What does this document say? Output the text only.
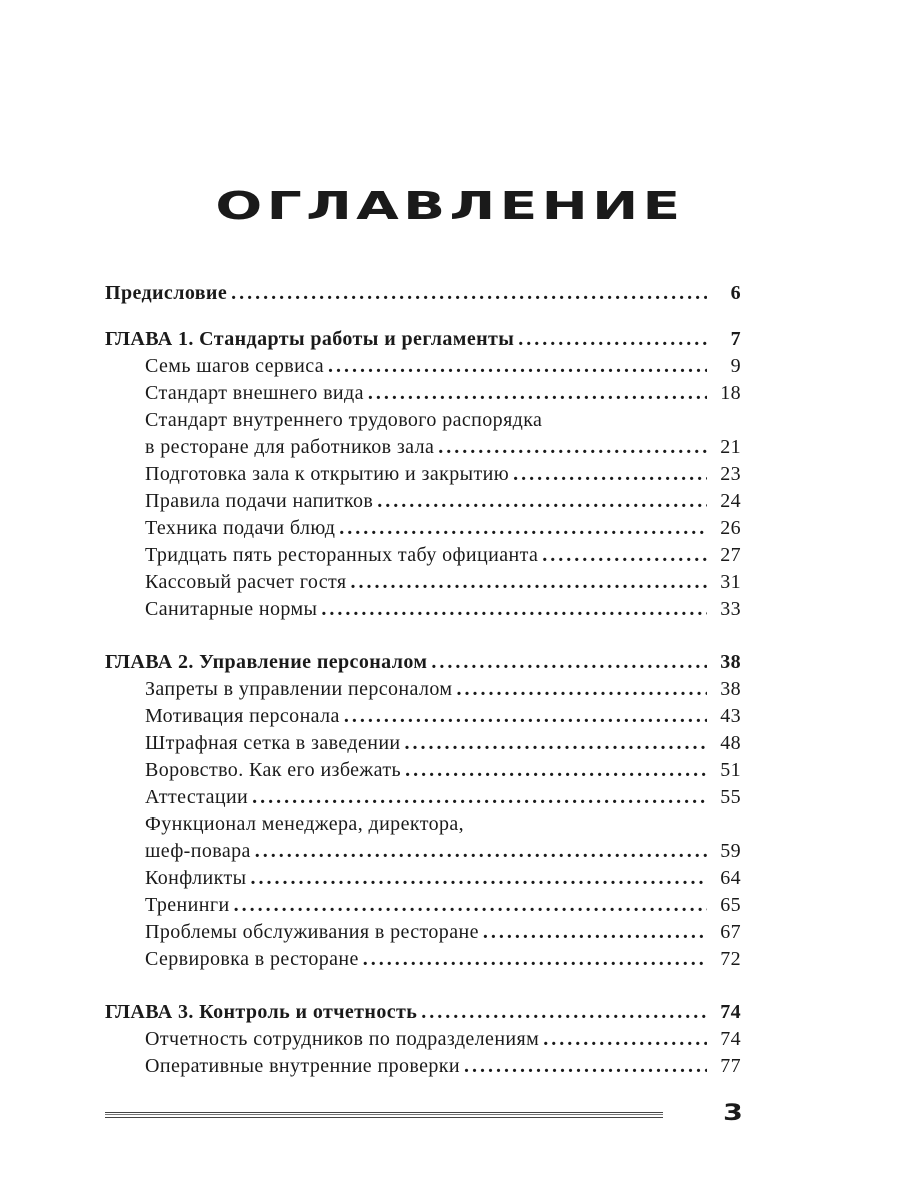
ОГЛАВЛЕНИЕ
Предисловие . . .	6
ГЛАВА 1. Стандарты работы и регламенты . . .	7
Семь шагов сервиса . . .	9
Стандарт внешнего вида . . .	18
Стандарт внутреннего трудового распорядка
в ресторане для работников зала . . .	21
Подготовка зала к открытию и закрытию . . .	23
Правила подачи напитков . . .	24
Техника подачи блюд . . .	26
Тридцать пять ресторанных табу официанта . . .	27
Кассовый расчет гостя . . .	31
Санитарные нормы . . .	33
ГЛАВА 2. Управление персоналом . . .	38
Запреты в управлении персоналом . . .	38
Мотивация персонала . . .	43
Штрафная сетка в заведении . . .	48
Воровство. Как его избежать . . .	51
Аттестации . . .	55
Функционал менеджера, директора,
шеф-повара . . .	59
Конфликты . . .	64
Тренинги . . .	65
Проблемы обслуживания в ресторане . . .	67
Сервировка в ресторане . . .	72
ГЛАВА 3. Контроль и отчетность . . .	74
Отчетность сотрудников по подразделениям . . .	74
Оперативные внутренние проверки . . .	77
3
